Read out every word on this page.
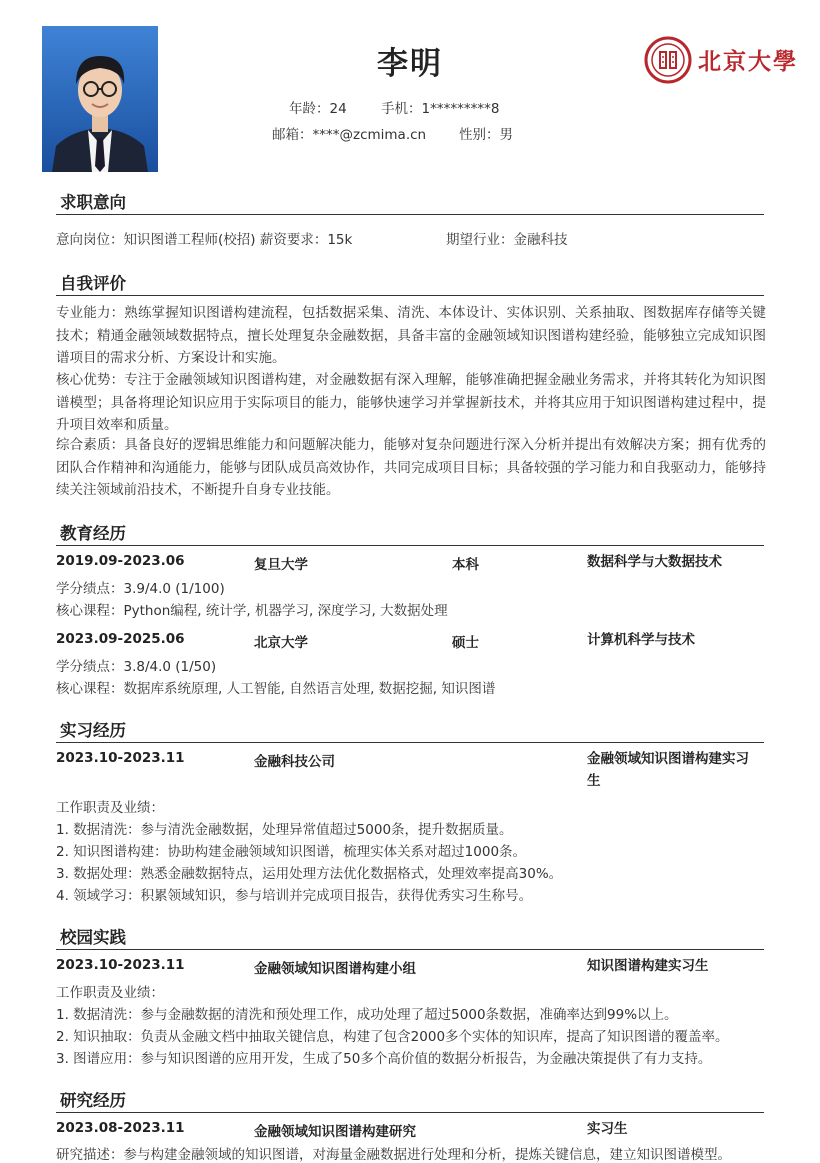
李明
年龄：24	手机：1*********8
邮箱：****@zcmima.cn 性别：男
北京大學
求职意向
意向岗位：知识图谱工程师(校招) 薪资要求：15k	期望行业：金融科技
自我评价
专业能力：熟练掌握知识图谱构建流程，包括数据采集、清洗、本体设计、实体识别、关系抽取、图数据库存储等关键技术；精通金融领域数据特点，擅长处理复杂金融数据，具备丰富的金融领域知识图谱构建经验，能够独立完成知识图谱项目的需求分析、方案设计和实施。
核心优势：专注于金融领域知识图谱构建，对金融数据有深入理解，能够准确把握金融业务需求，并将其转化为知识图谱模型；具备将理论知识应用于实际项目的能力，能够快速学习并掌握新技术，并将其应用于知识图谱构建过程中，提升项目效率和质量。
综合素质：具备良好的逻辑思维能力和问题解决能力，能够对复杂问题进行深入分析并提出有效解决方案；拥有优秀的团队合作精神和沟通能力，能够与团队成员高效协作，共同完成项目目标；具备较强的学习能力和自我驱动力，能够持续关注领域前沿技术，不断提升自身专业技能。
教育经历
2019.09-2023.06	复旦大学	本科	数据科学与大数据技术
学分绩点：3.9/4.0 (1/100)
核心课程：Python编程, 统计学, 机器学习, 深度学习, 大数据处理
2023.09-2025.06	北京大学	硕士	计算机科学与技术
学分绩点：3.8/4.0 (1/50)
核心课程：数据库系统原理, 人工智能, 自然语言处理, 数据挖掘, 知识图谱
实习经历
2023.10-2023.11	金融科技公司	金融领域知识图谱构建实习生
工作职责及业绩：
1. 数据清洗：参与清洗金融数据，处理异常值超过5000条，提升数据质量。
2. 知识图谱构建：协助构建金融领域知识图谱，梳理实体关系对超过1000条。
3. 数据处理：熟悉金融数据特点，运用处理方法优化数据格式，处理效率提高30%。
4. 领域学习：积累领域知识，参与培训并完成项目报告，获得优秀实习生称号。
校园实践
2023.10-2023.11	金融领域知识图谱构建小组	知识图谱构建实习生
工作职责及业绩：
1. 数据清洗：参与金融数据的清洗和预处理工作，成功处理了超过5000条数据，准确率达到99%以上。
2. 知识抽取：负责从金融文档中抽取关键信息，构建了包含2000多个实体的知识库，提高了知识图谱的覆盖率。
3. 图谱应用：参与知识图谱的应用开发，生成了50多个高价值的数据分析报告，为金融决策提供了有力支持。
研究经历
2023.08-2023.11	金融领域知识图谱构建研究	实习生
研究描述：参与构建金融领域的知识图谱，对海量金融数据进行处理和分析，提炼关键信息，建立知识图谱模型。
